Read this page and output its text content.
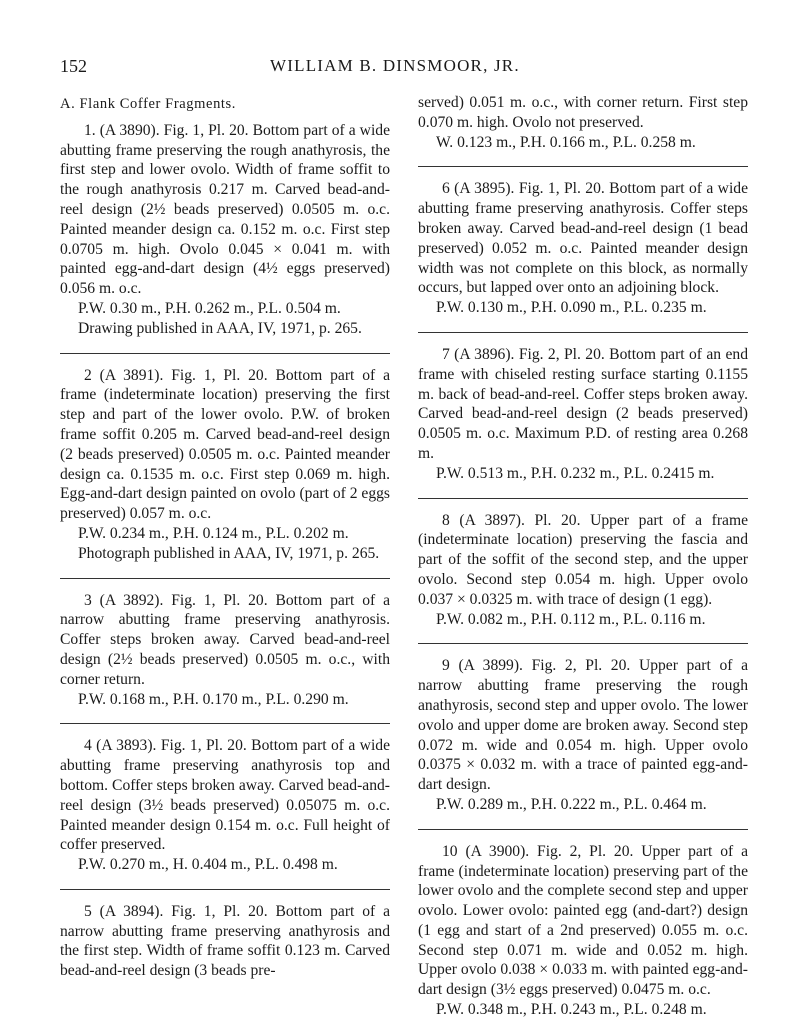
152	WILLIAM B. DINSMOOR, JR.
A. Flank Coffer Fragments.

1. (A 3890). Fig. 1, Pl. 20. Bottom part of a wide abutting frame preserving the rough anathyrosis, the first step and lower ovolo. Width of frame soffit to the rough anathyrosis 0.217 m. Carved bead-and-reel design (2½ beads preserved) 0.0505 m. o.c. Painted meander design ca. 0.152 m. o.c. First step 0.0705 m. high. Ovolo 0.045 × 0.041 m. with painted egg-and-dart design (4½ eggs preserved) 0.056 m. o.c.

P.W. 0.30 m., P.H. 0.262 m., P.L. 0.504 m.

Drawing published in AAA, IV, 1971, p. 265.

2 (A 3891). Fig. 1, Pl. 20. Bottom part of a frame (indeterminate location) preserving the first step and part of the lower ovolo. P.W. of broken frame soffit 0.205 m. Carved bead-and-reel design (2 beads preserved) 0.0505 m. o.c. Painted meander design ca. 0.1535 m. o.c. First step 0.069 m. high. Egg-and-dart design painted on ovolo (part of 2 eggs preserved) 0.057 m. o.c.

P.W. 0.234 m., P.H. 0.124 m., P.L. 0.202 m.

Photograph published in AAA, IV, 1971, p. 265.

3 (A 3892). Fig. 1, Pl. 20. Bottom part of a narrow abutting frame preserving anathyrosis. Coffer steps broken away. Carved bead-and-reel design (2½ beads preserved) 0.0505 m. o.c., with corner return.

P.W. 0.168 m., P.H. 0.170 m., P.L. 0.290 m.

4 (A 3893). Fig. 1, Pl. 20. Bottom part of a wide abutting frame preserving anathyrosis top and bottom. Coffer steps broken away. Carved bead-and-reel design (3½ beads preserved) 0.05075 m. o.c. Painted meander design 0.154 m. o.c. Full height of coffer preserved.

P.W. 0.270 m., H. 0.404 m., P.L. 0.498 m.

5 (A 3894). Fig. 1, Pl. 20. Bottom part of a narrow abutting frame preserving anathyrosis and the first step. Width of frame soffit 0.123 m. Carved bead-and-reel design (3 beads pre-

served) 0.051 m. o.c., with corner return. First step 0.070 m. high. Ovolo not preserved.

W. 0.123 m., P.H. 0.166 m., P.L. 0.258 m.

6 (A 3895). Fig. 1, Pl. 20. Bottom part of a wide abutting frame preserving anathyrosis. Coffer steps broken away. Carved bead-and-reel design (1 bead preserved) 0.052 m. o.c. Painted meander design width was not complete on this block, as normally occurs, but lapped over onto an adjoining block.

P.W. 0.130 m., P.H. 0.090 m., P.L. 0.235 m.

7 (A 3896). Fig. 2, Pl. 20. Bottom part of an end frame with chiseled resting surface starting 0.1155 m. back of bead-and-reel. Coffer steps broken away. Carved bead-and-reel design (2 beads preserved) 0.0505 m. o.c. Maximum P.D. of resting area 0.268 m.

P.W. 0.513 m., P.H. 0.232 m., P.L. 0.2415 m.

8 (A 3897). Pl. 20. Upper part of a frame (indeterminate location) preserving the fascia and part of the soffit of the second step, and the upper ovolo. Second step 0.054 m. high. Upper ovolo 0.037 × 0.0325 m. with trace of design (1 egg).

P.W. 0.082 m., P.H. 0.112 m., P.L. 0.116 m.

9 (A 3899). Fig. 2, Pl. 20. Upper part of a narrow abutting frame preserving the rough anathyrosis, second step and upper ovolo. The lower ovolo and upper dome are broken away. Second step 0.072 m. wide and 0.054 m. high. Upper ovolo 0.0375 × 0.032 m. with a trace of painted egg-and-dart design.

P.W. 0.289 m., P.H. 0.222 m., P.L. 0.464 m.

10 (A 3900). Fig. 2, Pl. 20. Upper part of a frame (indeterminate location) preserving part of the lower ovolo and the complete second step and upper ovolo. Lower ovolo: painted egg (and-dart?) design (1 egg and start of a 2nd preserved) 0.055 m. o.c. Second step 0.071 m. wide and 0.052 m. high. Upper ovolo 0.038 × 0.033 m. with painted egg-and-dart design (3½ eggs preserved) 0.0475 m. o.c.

P.W. 0.348 m., P.H. 0.243 m., P.L. 0.248 m.
